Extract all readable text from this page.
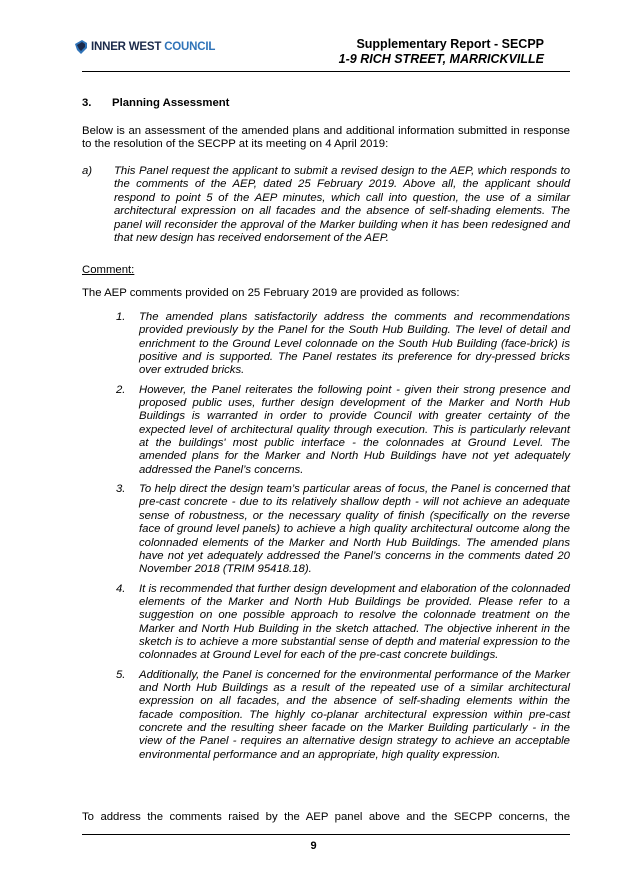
INNER WEST COUNCIL	Supplementary Report - SECPP
1-9 RICH STREET, MARRICKVILLE
3. Planning Assessment
Below is an assessment of the amended plans and additional information submitted in response to the resolution of the SECPP at its meeting on 4 April 2019:
a) This Panel request the applicant to submit a revised design to the AEP, which responds to the comments of the AEP, dated 25 February 2019. Above all, the applicant should respond to point 5 of the AEP minutes, which call into question, the use of a similar architectural expression on all facades and the absence of self-shading elements. The panel will reconsider the approval of the Marker building when it has been redesigned and that new design has received endorsement of the AEP.
Comment:
The AEP comments provided on 25 February 2019 are provided as follows:
1. The amended plans satisfactorily address the comments and recommendations provided previously by the Panel for the South Hub Building. The level of detail and enrichment to the Ground Level colonnade on the South Hub Building (face-brick) is positive and is supported. The Panel restates its preference for dry-pressed bricks over extruded bricks.
2. However, the Panel reiterates the following point - given their strong presence and proposed public uses, further design development of the Marker and North Hub Buildings is warranted in order to provide Council with greater certainty of the expected level of architectural quality through execution. This is particularly relevant at the buildings' most public interface - the colonnades at Ground Level. The amended plans for the Marker and North Hub Buildings have not yet adequately addressed the Panel’s concerns.
3. To help direct the design team’s particular areas of focus, the Panel is concerned that pre-cast concrete - due to its relatively shallow depth - will not achieve an adequate sense of robustness, or the necessary quality of finish (specifically on the reverse face of ground level panels) to achieve a high quality architectural outcome along the colonnaded elements of the Marker and North Hub Buildings. The amended plans have not yet adequately addressed the Panel’s concerns in the comments dated 20 November 2018 (TRIM 95418.18).
4. It is recommended that further design development and elaboration of the colonnaded elements of the Marker and North Hub Buildings be provided. Please refer to a suggestion on one possible approach to resolve the colonnade treatment on the Marker and North Hub Building in the sketch attached. The objective inherent in the sketch is to achieve a more substantial sense of depth and material expression to the colonnades at Ground Level for each of the pre-cast concrete buildings.
5. Additionally, the Panel is concerned for the environmental performance of the Marker and North Hub Buildings as a result of the repeated use of a similar architectural expression on all facades, and the absence of self-shading elements within the facade composition. The highly co-planar architectural expression within pre-cast concrete and the resulting sheer facade on the Marker Building particularly - in the view of the Panel - requires an alternative design strategy to achieve an acceptable environmental performance and an appropriate, high quality expression.
To address the comments raised by the AEP panel above and the SECPP concerns, the
9
